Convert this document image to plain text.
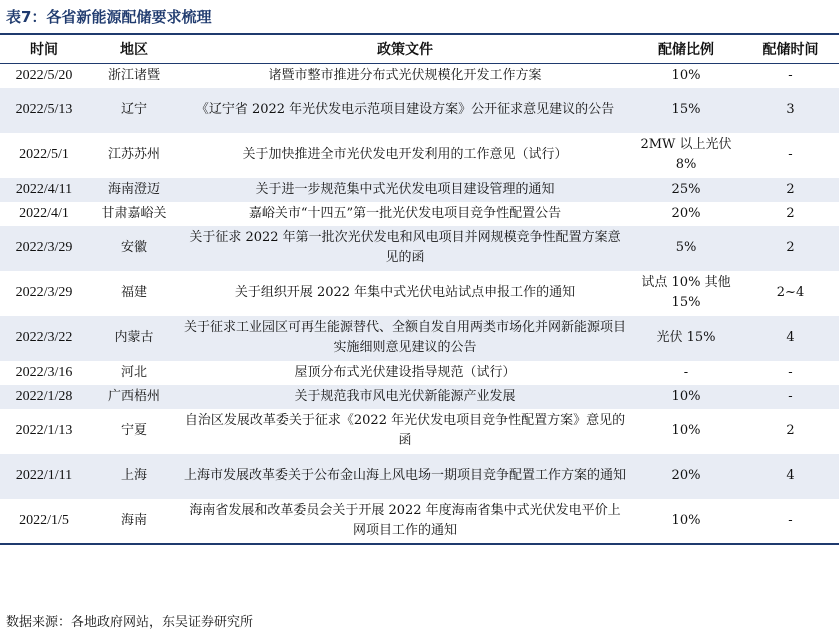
表7：各省新能源配储要求梳理
时间	地区	政策文件	配储比例	配储时间
2022/5/20	浙江诸暨	诸暨市整市推进分布式光伏规模化开发工作方案	10%	-
2022/5/13	辽宁	《辽宁省 2022 年光伏发电示范项目建设方案》公开征求意见建议的公告	15%	3
2022/5/1	江苏苏州	关于加快推进全市光伏发电开发利用的工作意见（试行）	2MW 以上光伏 8%	-
2022/4/11	海南澄迈	关于进一步规范集中式光伏发电项目建设管理的通知	25%	2
2022/4/1	甘肃嘉峪关	嘉峪关市“十四五”第一批光伏发电项目竞争性配置公告	20%	2
2022/3/29	安徽	关于征求 2022 年第一批次光伏发电和风电项目并网规模竞争性配置方案意见的函	5%	2
2022/3/29	福建	关于组织开展 2022 年集中式光伏电站试点申报工作的通知	试点 10% 其他 15%	2~4
2022/3/22	内蒙古	关于征求工业园区可再生能源替代、全额自发自用两类市场化并网新能源项目实施细则意见建议的公告	光伏 15%	4
2022/3/16	河北	屋顶分布式光伏建设指导规范（试行）	-	-
2022/1/28	广西梧州	关于规范我市风电光伏新能源产业发展	10%	-
2022/1/13	宁夏	自治区发展改革委关于征求《2022 年光伏发电项目竞争性配置方案》意见的函	10%	2
2022/1/11	上海	上海市发展改革委关于公布金山海上风电场一期项目竞争配置工作方案的通知	20%	4
2022/1/5	海南	海南省发展和改革委员会关于开展 2022 年度海南省集中式光伏发电平价上网项目工作的通知	10%	-
数据来源：各地政府网站，东吴证券研究所
